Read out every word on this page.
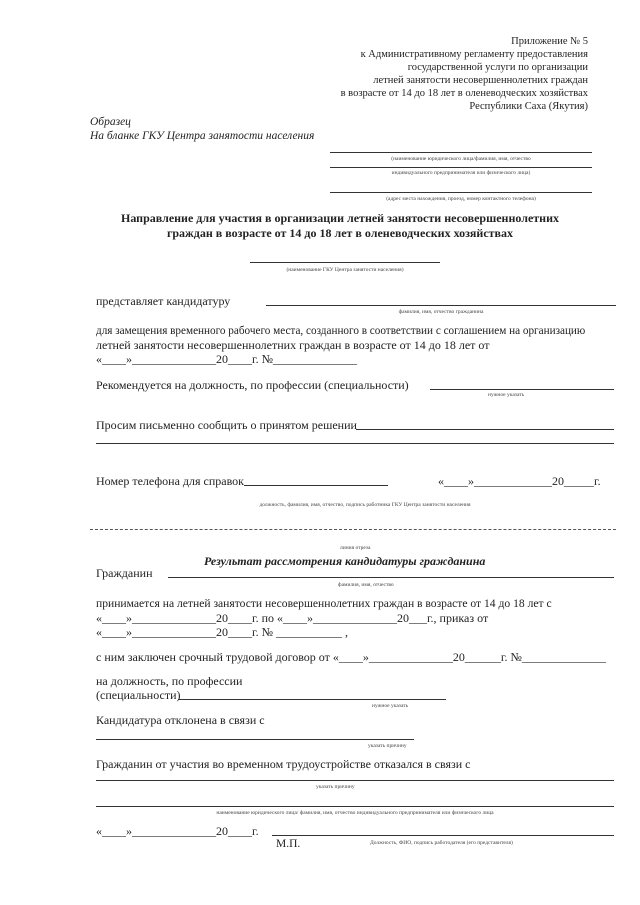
Приложение № 5
к Административному регламенту предоставления
государственной услуги по организации
летней занятости несовершеннолетних граждан
в возрасте от 14 до 18 лет в оленеводческих хозяйствах
Республики Саха (Якутия)
Образец
На бланке ГКУ Центра занятости населения
(наименование юридического лица/фамилия, имя, отчество
индивидуального предпринимателя или физического лица)
(адрес места нахождения, проезд, номер контактного телефона)
Направление для участия в организации летней занятости несовершеннолетних
граждан в возрасте от 14 до 18 лет в оленеводческих хозяйствах
(наименование ГКУ Центра занятости населения)
представляет кандидатуру
фамилия, имя, отчество гражданина
для замещения временного рабочего места, созданного в соответствии с соглашением на организацию
летней занятости несовершеннолетних граждан в возрасте от 14 до 18 лет от
«____»______________20____г. №______________
Рекомендуется на должность, по профессии (специальности)
нужное указать
Просим письменно сообщить о принятом решении
Номер телефона для справок	«____»_____________20_____г.
должность, фамилия, имя, отчество, подпись работника ГКУ Центра занятости населения
линия отреза
Результат рассмотрения кандидатуры гражданина
Гражданин
фамилия, имя, отчество
принимается на летней занятости несовершеннолетних граждан в возрасте от 14 до 18 лет с
«____»______________20____г. по «____»______________20___г., приказ от
«____»______________20____г. № ___________ ,
с ним заключен срочный трудовой договор от «____»______________20______г. №______________
на должность, по профессии
(специальности)
нужное указать
Кандидатура отклонена в связи с
указать причину
Гражданин от участия во временном трудоустройстве отказался в связи с
указать причину
наименование юридического лица/ фамилия, имя, отчество индивидуального предпринимателя или физического лица
«____»______________20____г.
М.П.	Должность, ФИО, подпись работодателя (его представителя)
